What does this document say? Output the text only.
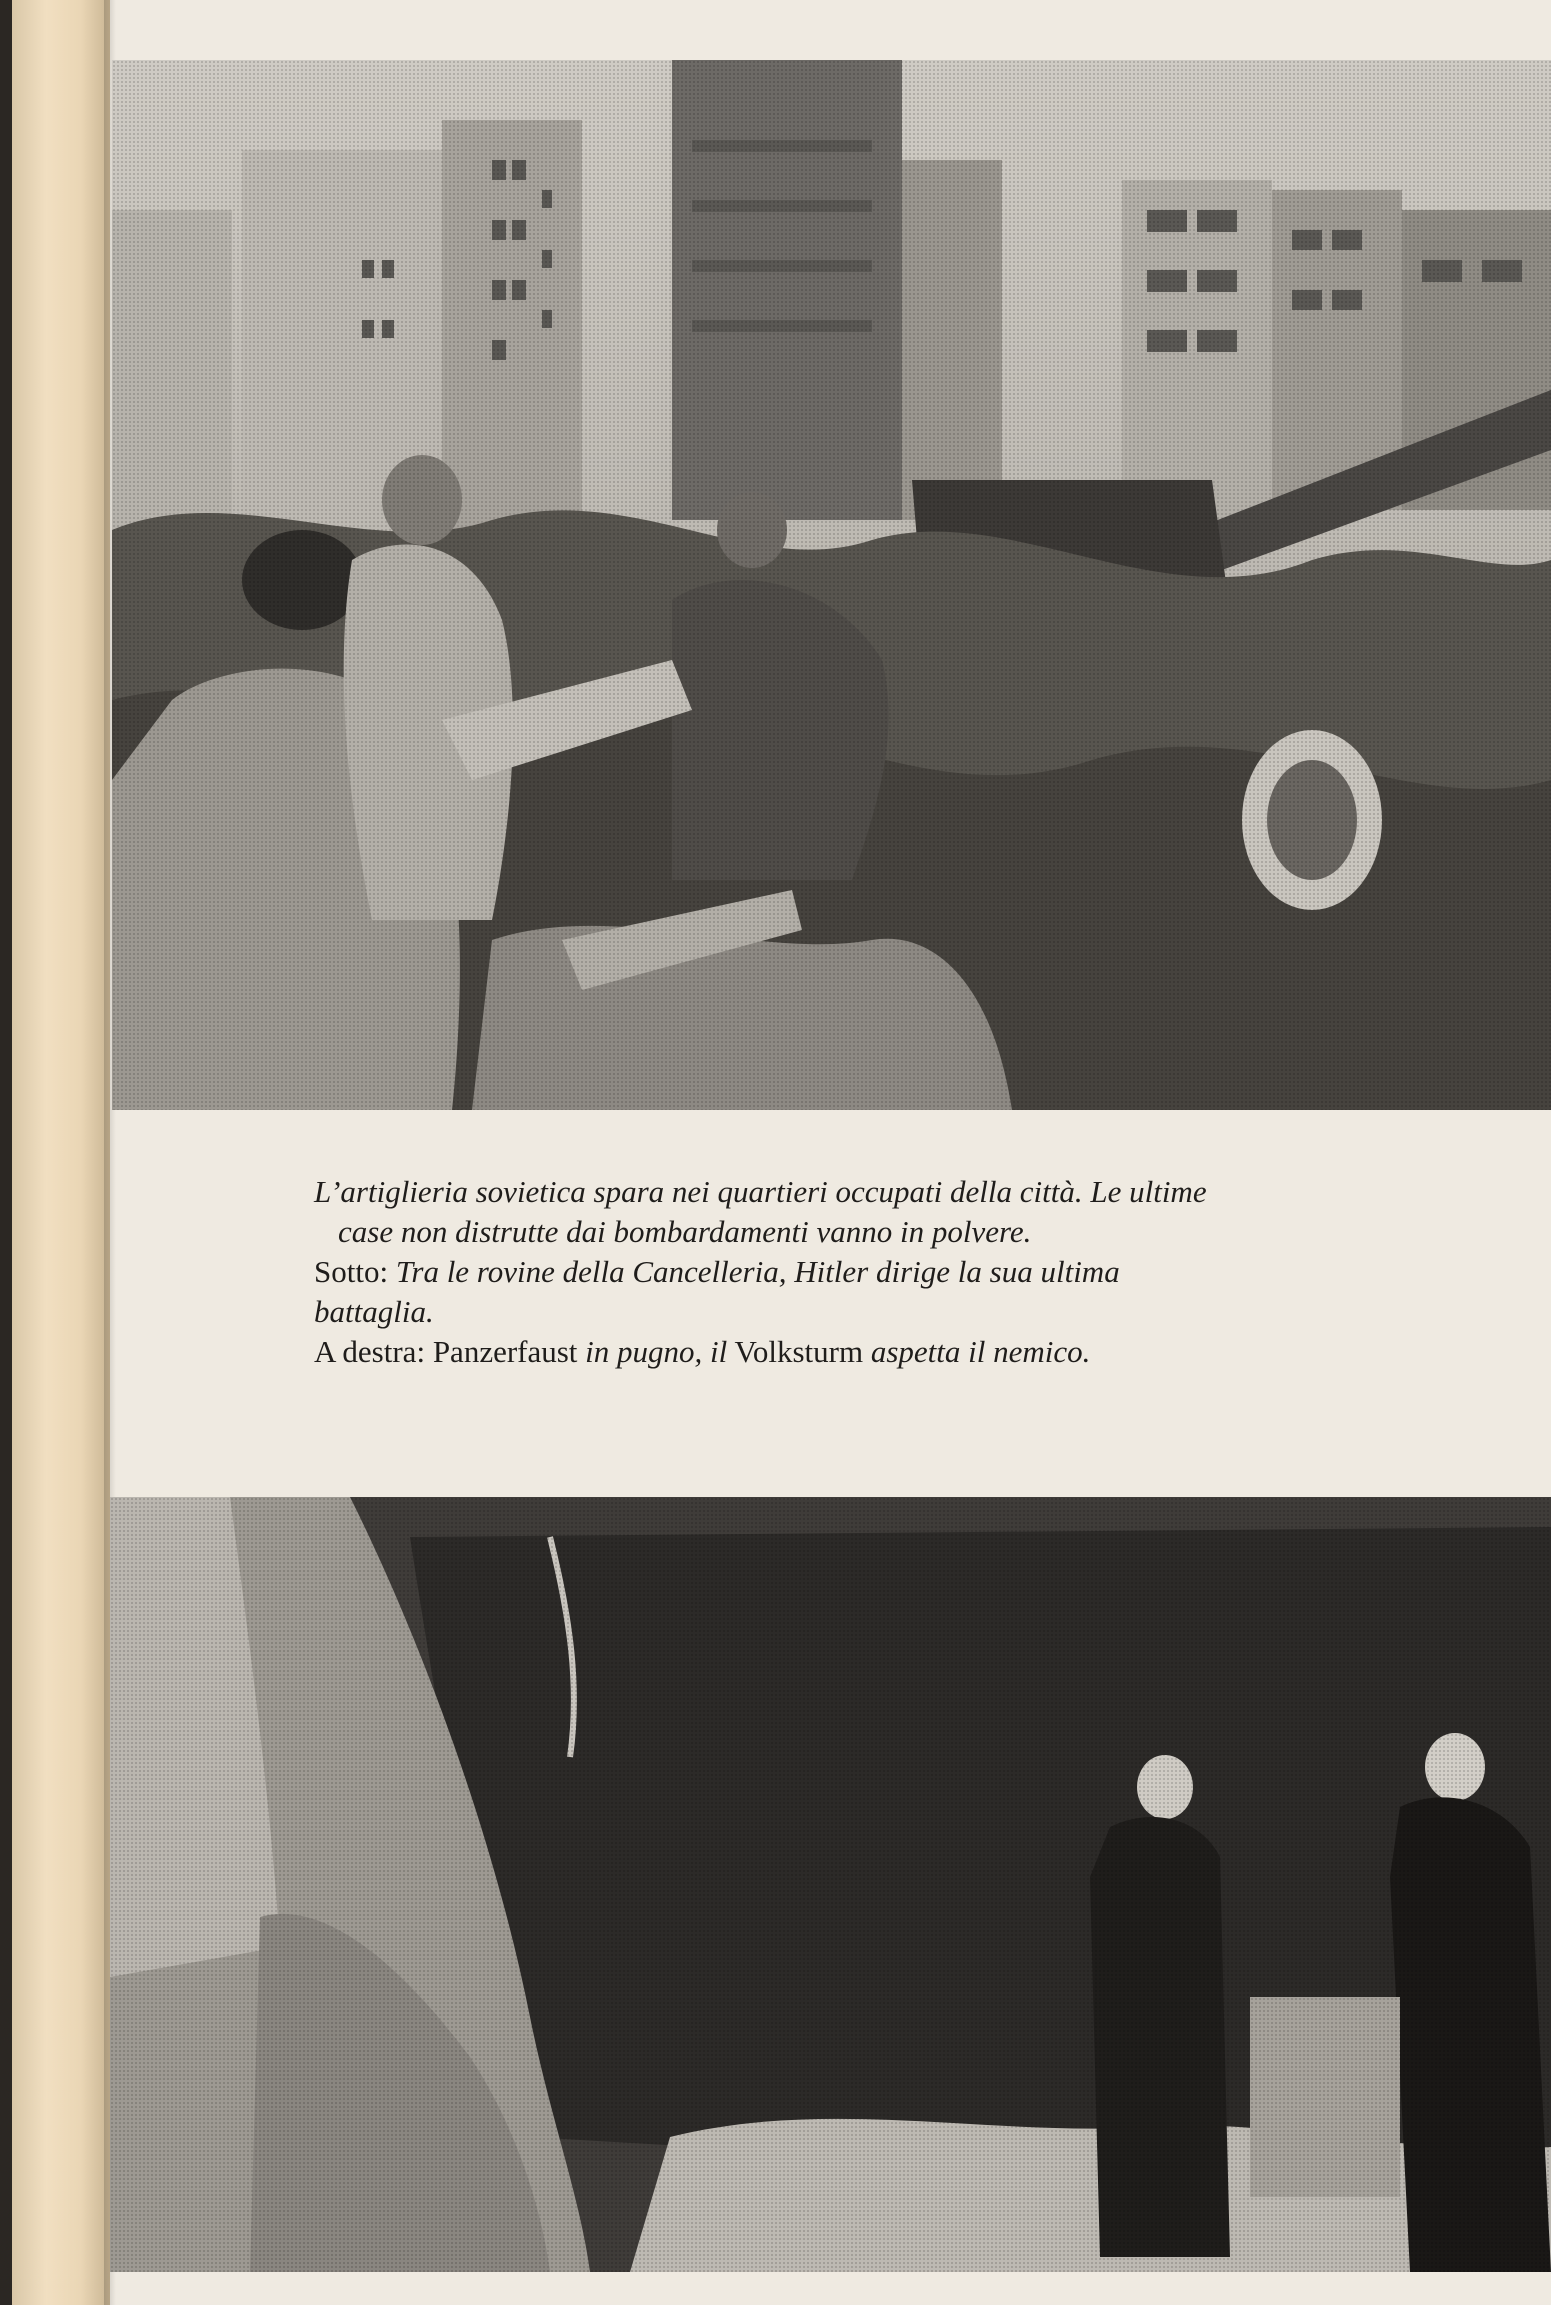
L’artiglieria sovietica spara nei quartieri occupati della città. Le ultime
case non distrutte dai bombardamenti vanno in polvere.
Sotto: Tra le rovine della Cancelleria, Hitler dirige la sua ultima
battaglia.
A destra: Panzerfaust in pugno, il Volksturm aspetta il nemico.
